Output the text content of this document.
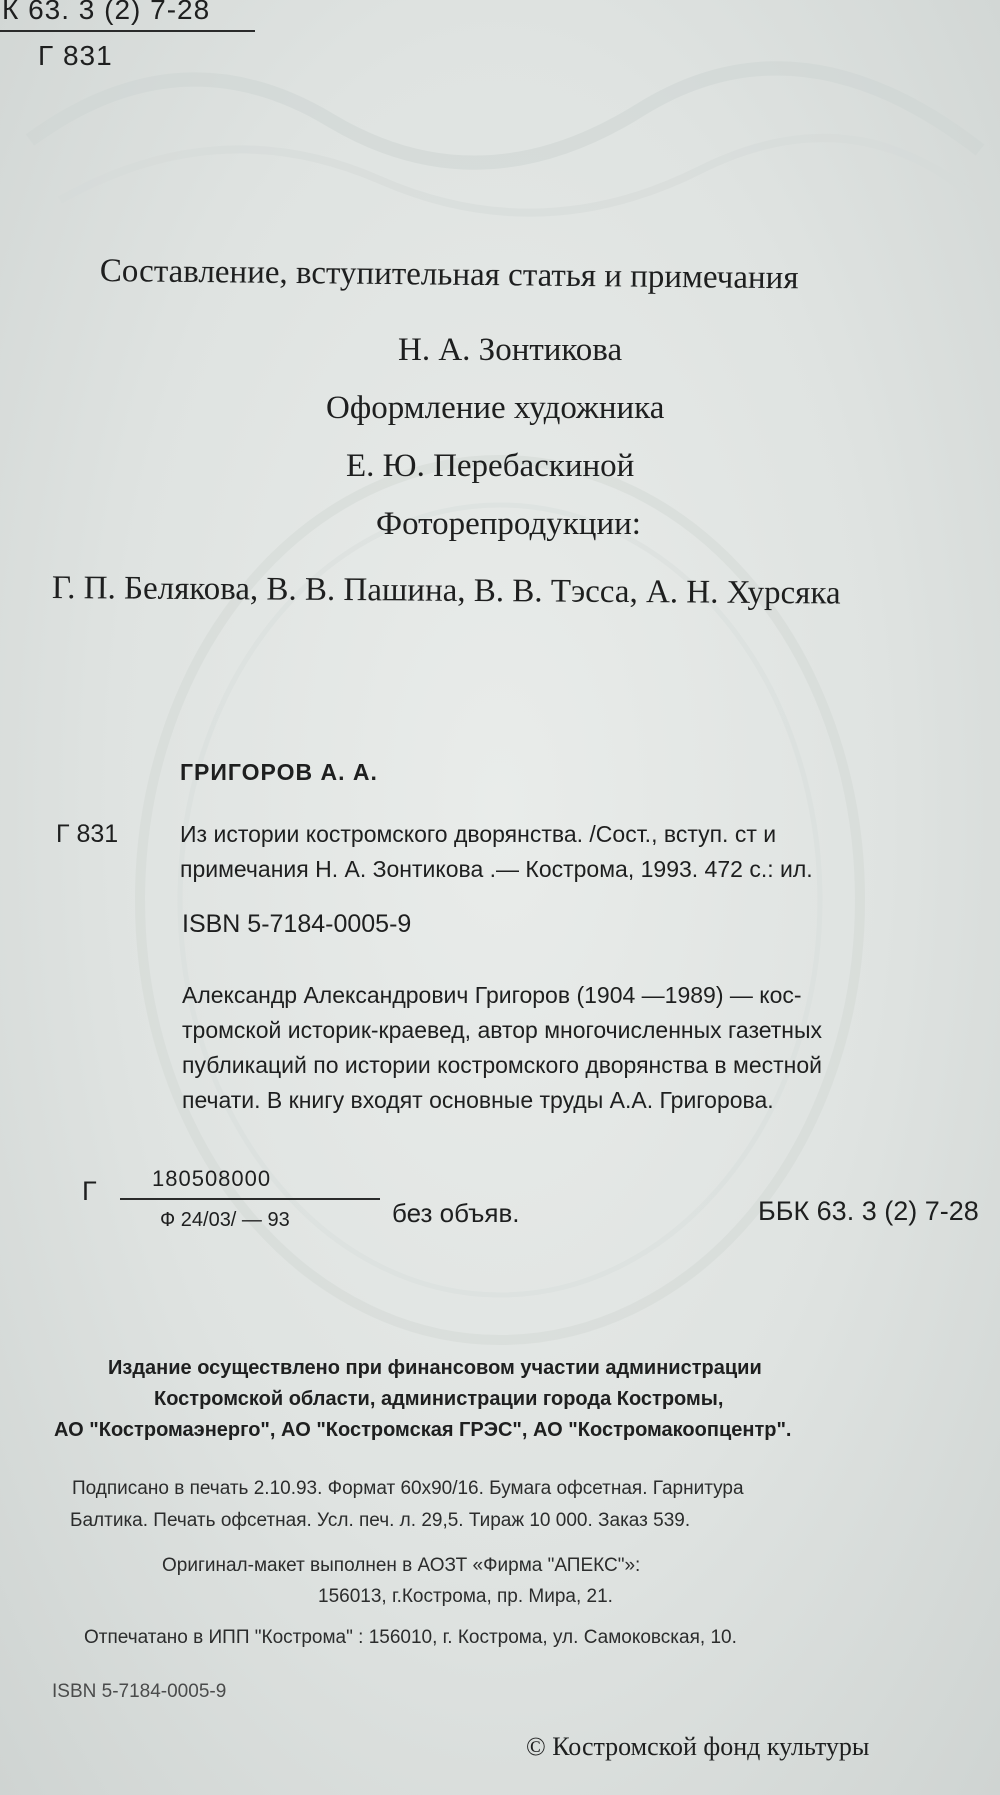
К 63. 3 (2) 7-28
Г 831
Составление, вступительная статья и примечания
Н. А. Зонтикова
Оформление художника
Е. Ю. Перебаскиной
Фоторепродукции:
Г. П. Белякова, В. В. Пашина, В. В. Тэсса, А. Н. Хурсяка
ГРИГОРОВ А. А.
Г 831	Из истории костромского дворянства. /Сост., вступ. ст и
примечания Н. А. Зонтикова .— Кострома, 1993. 472 с.: ил.
ISBN 5-7184-0005-9
Александр Александрович Григоров (1904 —1989) — кос-
тромской историк-краевед, автор многочисленных газетных
публикаций по истории костромского дворянства в местной
печати. В книгу входят основные труды А.А. Григорова.
Г	180508000
Ф 24/03/ — 93	без объяв.	ББК 63. 3 (2) 7-28
Издание осуществлено при финансовом участии администрации
Костромской области, администрации города Костромы,
АО "Костромаэнерго", АО "Костромская ГРЭС", АО "Костромакоопцентр".
Подписано в печать 2.10.93. Формат 60x90/16. Бумага офсетная. Гарнитура
Балтика. Печать офсетная. Усл. печ. л. 29,5. Тираж 10 000. Заказ 539.
Оригинал-макет выполнен в АОЗТ «Фирма "АПЕКС"»:
156013, г.Кострома, пр. Мира, 21.
Отпечатано в ИПП "Кострома" : 156010, г. Кострома, ул. Самоковская, 10.
ISBN 5-7184-0005-9
© Костромской фонд культуры
